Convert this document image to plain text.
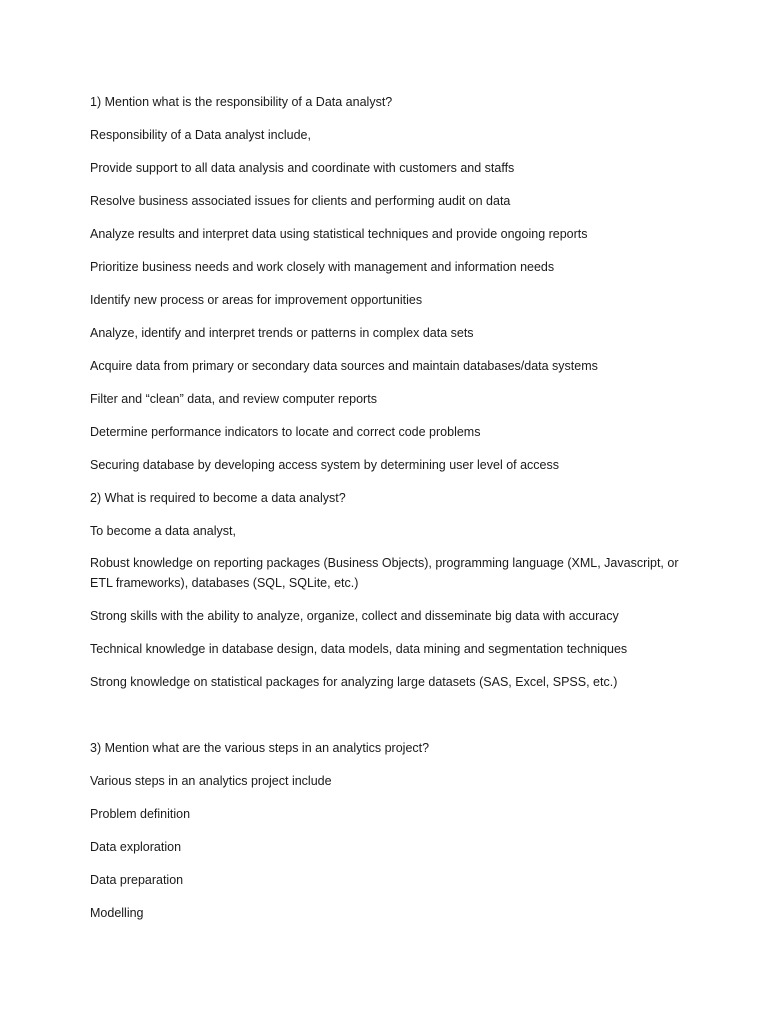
1) Mention what is the responsibility of a Data analyst?
Responsibility of a Data analyst include,
Provide support to all data analysis and coordinate with customers and staffs
Resolve business associated issues for clients and performing audit on data
Analyze results and interpret data using statistical techniques and provide ongoing reports
Prioritize business needs and work closely with management and information needs
Identify new process or areas for improvement opportunities
Analyze, identify and interpret trends or patterns in complex data sets
Acquire data from primary or secondary data sources and maintain databases/data systems
Filter and “clean” data, and review computer reports
Determine performance indicators to locate and correct code problems
Securing database by developing access system by determining user level of access
2) What is required to become a data analyst?
To become a data analyst,
Robust knowledge on reporting packages (Business Objects), programming language (XML, Javascript, or ETL frameworks), databases (SQL, SQLite, etc.)
Strong skills with the ability to analyze, organize, collect and disseminate big data with accuracy
Technical knowledge in database design, data models, data mining and segmentation techniques
Strong knowledge on statistical packages for analyzing large datasets (SAS, Excel, SPSS, etc.)
3) Mention what are the various steps in an analytics project?
Various steps in an analytics project include
Problem definition
Data exploration
Data preparation
Modelling
